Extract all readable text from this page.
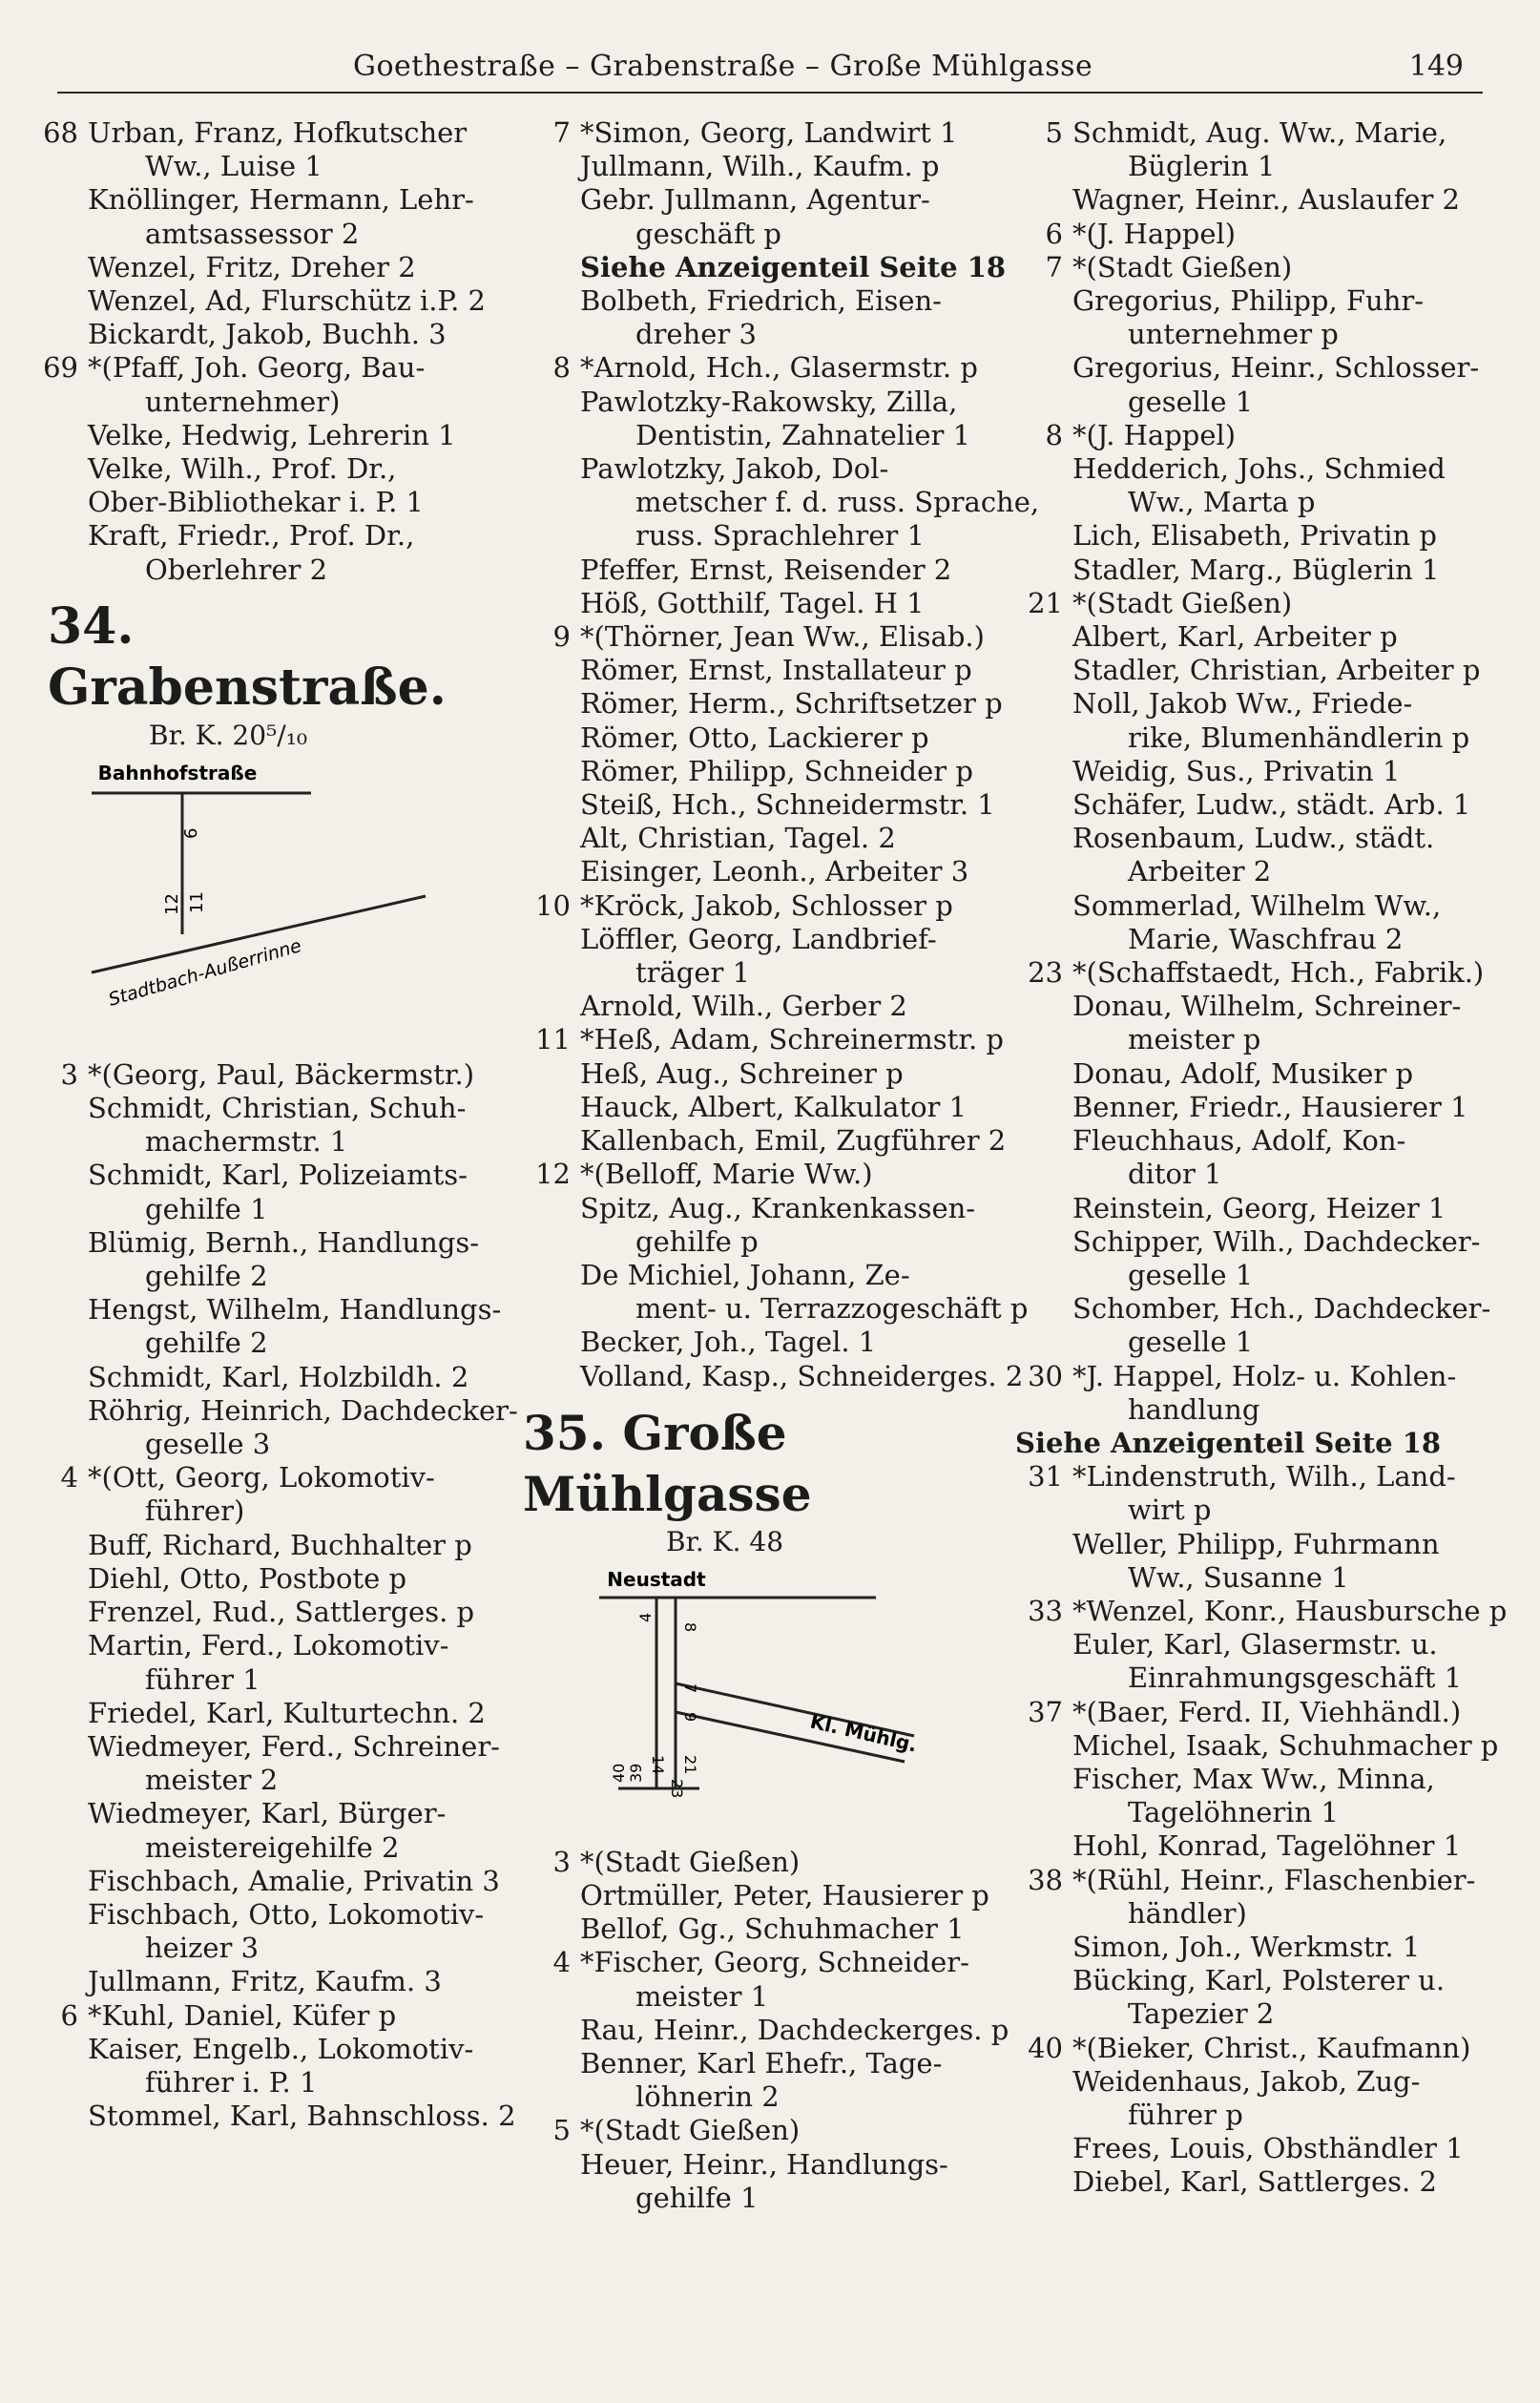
Goethestraße – Grabenstraße – Große Mühlgasse	149
68 Urban, Franz, Hofkutscher
Ww., Luise 1
Knöllinger, Hermann, Lehr-
amtsassessor 2
Wenzel, Fritz, Dreher 2
Wenzel, Ad, Flurschütz i.P. 2
Bickardt, Jakob, Buchh. 3
69 *(Pfaff, Joh. Georg, Bau-
unternehmer)
Velke, Hedwig, Lehrerin 1
Velke, Wilh., Prof. Dr.,
Ober-Bibliothekar i. P. 1
Kraft, Friedr., Prof. Dr.,
Oberlehrer 2
34. Grabenstraße.
Br. K. 20⁵/₁₀
Bahnhofstraße
6
12 11
Stadtbach-Außerrinne
3 *(Georg, Paul, Bäckermstr.)
Schmidt, Christian, Schuh-
machermstr. 1
Schmidt, Karl, Polizeiamts-
gehilfe 1
Blümig, Bernh., Handlungs-
gehilfe 2
Hengst, Wilhelm, Handlungs-
gehilfe 2
Schmidt, Karl, Holzbildh. 2
Röhrig, Heinrich, Dachdecker-
geselle 3
4 *(Ott, Georg, Lokomotiv-
führer)
Buff, Richard, Buchhalter p
Diehl, Otto, Postbote p
Frenzel, Rud., Sattlerges. p
Martin, Ferd., Lokomotiv-
führer 1
Friedel, Karl, Kulturtechn. 2
Wiedmeyer, Ferd., Schreiner-
meister 2
Wiedmeyer, Karl, Bürger-
meistereigehilfe 2
Fischbach, Amalie, Privatin 3
Fischbach, Otto, Lokomotiv-
heizer 3
Jullmann, Fritz, Kaufm. 3
6 *Kuhl, Daniel, Küfer p
Kaiser, Engelb., Lokomotiv-
führer i. P. 1
Stommel, Karl, Bahnschloss. 2
7 *Simon, Georg, Landwirt 1
Jullmann, Wilh., Kaufm. p
Gebr. Jullmann, Agentur-
geschäft p
Siehe Anzeigenteil Seite 18
Bolbeth, Friedrich, Eisen-
dreher 3
8 *Arnold, Hch., Glasermstr. p
Pawlotzky-Rakowsky, Zilla,
Dentistin, Zahnatelier 1
Pawlotzky, Jakob, Dol-
metscher f. d. russ. Sprache,
russ. Sprachlehrer 1
Pfeffer, Ernst, Reisender 2
Höß, Gotthilf, Tagel. H 1
9 *(Thörner, Jean Ww., Elisab.)
Römer, Ernst, Installateur p
Römer, Herm., Schriftsetzer p
Römer, Otto, Lackierer p
Römer, Philipp, Schneider p
Steiß, Hch., Schneidermstr. 1
Alt, Christian, Tagel. 2
Eisinger, Leonh., Arbeiter 3
10 *Kröck, Jakob, Schlosser p
Löffler, Georg, Landbrief-
träger 1
Arnold, Wilh., Gerber 2
11 *Heß, Adam, Schreinermstr. p
Heß, Aug., Schreiner p
Hauck, Albert, Kalkulator 1
Kallenbach, Emil, Zugführer 2
12 *(Belloff, Marie Ww.)
Spitz, Aug., Krankenkassen-
gehilfe p
De Michiel, Johann, Ze-
ment- u. Terrazzogeschäft p
Becker, Joh., Tagel. 1
Volland, Kasp., Schneiderges. 2
35. Große Mühlgasse
Br. K. 48
Neustadt
4
8
7
9
14 21
23
40 39
Kl. Mühlg.
3 *(Stadt Gießen)
Ortmüller, Peter, Hausierer p
Bellof, Gg., Schuhmacher 1
4 *Fischer, Georg, Schneider-
meister 1
Rau, Heinr., Dachdeckerges. p
Benner, Karl Ehefr., Tage-
löhnerin 2
5 *(Stadt Gießen)
Heuer, Heinr., Handlungs-
gehilfe 1
5 Schmidt, Aug. Ww., Marie,
Büglerin 1
Wagner, Heinr., Auslaufer 2
6 *(J. Happel)
7 *(Stadt Gießen)
Gregorius, Philipp, Fuhr-
unternehmer p
Gregorius, Heinr., Schlosser-
geselle 1
8 *(J. Happel)
Hedderich, Johs., Schmied
Ww., Marta p
Lich, Elisabeth, Privatin p
Stadler, Marg., Büglerin 1
21 *(Stadt Gießen)
Albert, Karl, Arbeiter p
Stadler, Christian, Arbeiter p
Noll, Jakob Ww., Friede-
rike, Blumenhändlerin p
Weidig, Sus., Privatin 1
Schäfer, Ludw., städt. Arb. 1
Rosenbaum, Ludw., städt.
Arbeiter 2
Sommerlad, Wilhelm Ww.,
Marie, Waschfrau 2
23 *(Schaffstaedt, Hch., Fabrik.)
Donau, Wilhelm, Schreiner-
meister p
Donau, Adolf, Musiker p
Benner, Friedr., Hausierer 1
Fleuchhaus, Adolf, Kon-
ditor 1
Reinstein, Georg, Heizer 1
Schipper, Wilh., Dachdecker-
geselle 1
Schomber, Hch., Dachdecker-
geselle 1
30 *J. Happel, Holz- u. Kohlen-
handlung
Siehe Anzeigenteil Seite 18
31 *Lindenstruth, Wilh., Land-
wirt p
Weller, Philipp, Fuhrmann
Ww., Susanne 1
33 *Wenzel, Konr., Hausbursche p
Euler, Karl, Glasermstr. u.
Einrahmungsgeschäft 1
37 *(Baer, Ferd. II, Viehhändl.)
Michel, Isaak, Schuhmacher p
Fischer, Max Ww., Minna,
Tagelöhnerin 1
Hohl, Konrad, Tagelöhner 1
38 *(Rühl, Heinr., Flaschenbier-
händler)
Simon, Joh., Werkmstr. 1
Bücking, Karl, Polsterer u.
Tapezier 2
40 *(Bieker, Christ., Kaufmann)
Weidenhaus, Jakob, Zug-
führer p
Frees, Louis, Obsthändler 1
Diebel, Karl, Sattlerges. 2
